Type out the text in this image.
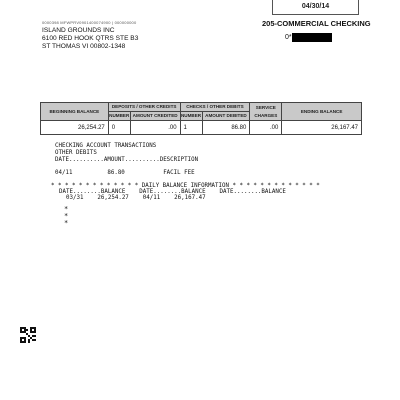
04/30/14
205-COMMERCIAL CHECKING
0*
0000398 MFWPRV0901400074900 | 000000000
ISLAND GROUNDS INC
6100 RED HOOK QTRS STE B3
ST THOMAS VI 00802-1348
BEGINNING BALANCE	DEPOSITS / OTHER CREDITS		CHECKS / OTHER DEBITS		SERVICE CHARGES	ENDING BALANCE
	NUMBER	AMOUNT CREDITED	NUMBER	AMOUNT DEBITED		
26,254.27	0	.00	1	86.80	.00	26,167.47
CHECKING ACCOUNT TRANSACTIONS
OTHER DEBITS
DATE..........AMOUNT..........DESCRIPTION
04/11          86.80           FACIL FEE
* * * * * * * * * * * * * DAILY BALANCE INFORMATION * * * * * * * * * * * * *
DATE........BALANCE    DATE........BALANCE    DATE........BALANCE
03/31    26,254.27    04/11    26,167.47
*
*
*
